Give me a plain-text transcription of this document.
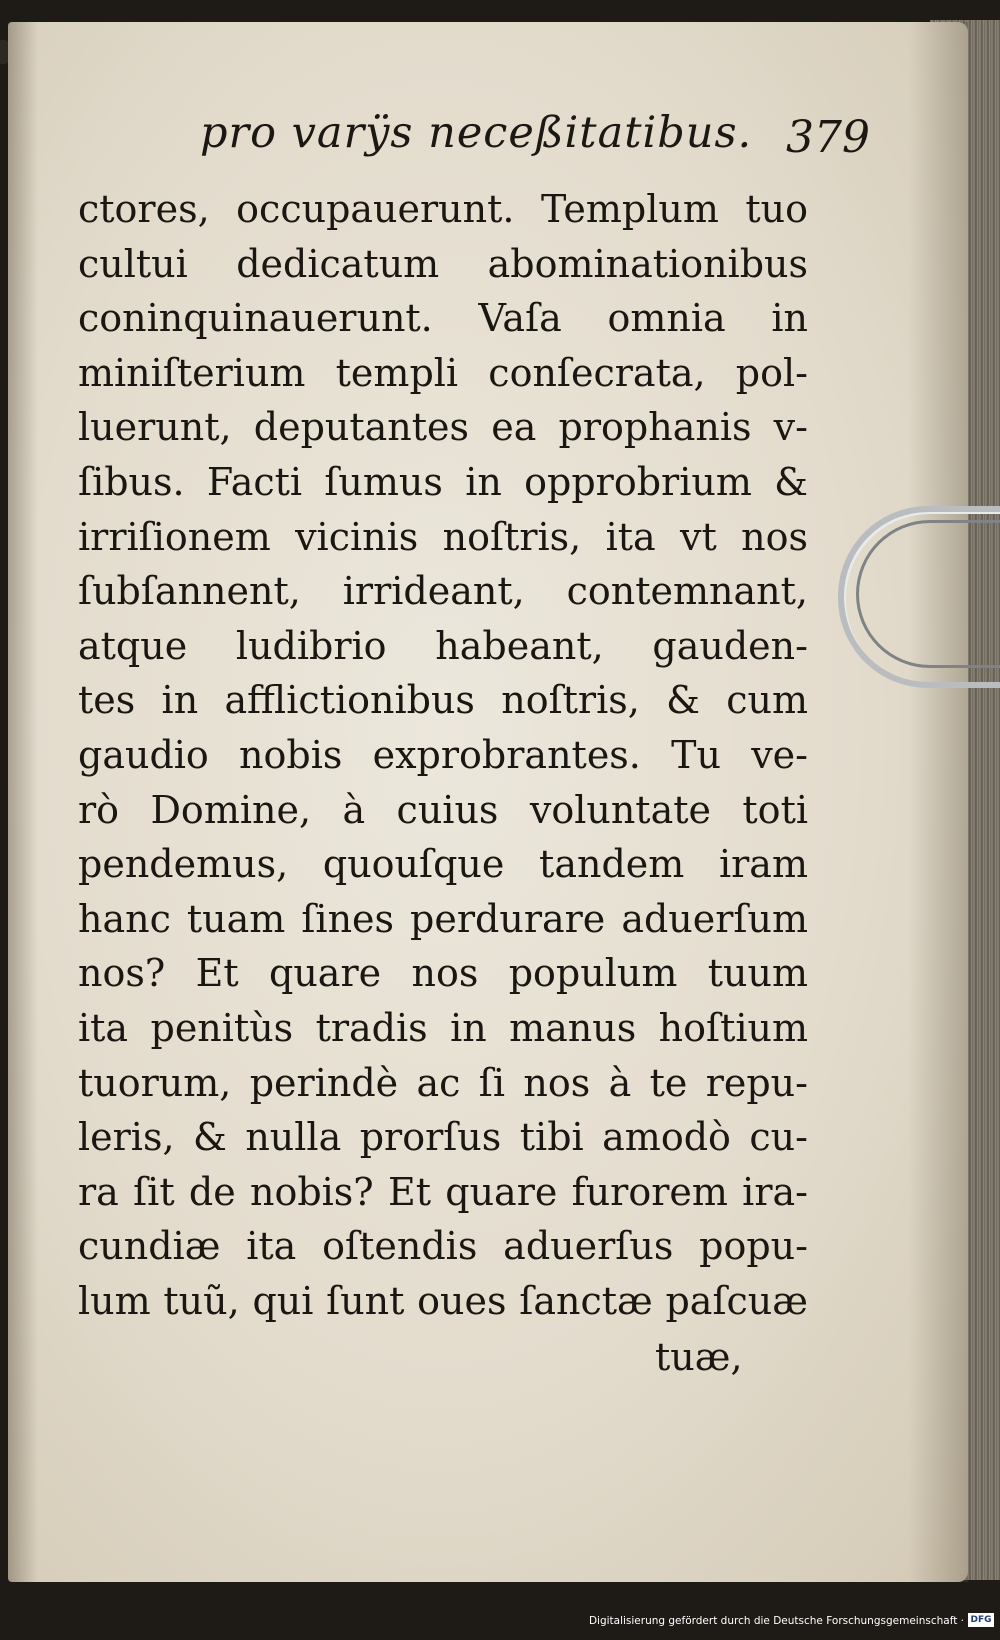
pro varÿs neceßitatibus. 379
ctores, occupauerunt. Templum tuo
cultui dedicatum abominationibus
coninquinauerunt. Vaſa omnia in
miniſterium templi conſecrata, pol-
luerunt, deputantes ea prophanis v-
ſibus. Facti ſumus in opprobrium &
irriſionem vicinis noſtris, ita vt nos
ſubſannent, irrideant, contemnant,
atque ludibrio habeant, gauden-
tes in afflictionibus noſtris, & cum
gaudio nobis exprobrantes. Tu ve-
rò Domine, à cuius voluntate toti
pendemus, quouſque tandem iram
hanc tuam ſines perdurare aduerſum
nos? Et quare nos populum tuum
ita penitùs tradis in manus hoſtium
tuorum, perindè ac ſi nos à te repu-
leris, & nulla prorſus tibi amodò cu-
ra ſit de nobis? Et quare furorem ira-
cundiæ ita oſtendis aduerſus popu-
lum tuũ, qui ſunt oues ſanctæ paſcuæ
tuæ,
Digitalisierung gefördert durch die Deutsche Forschungsgemeinschaft · DFG
